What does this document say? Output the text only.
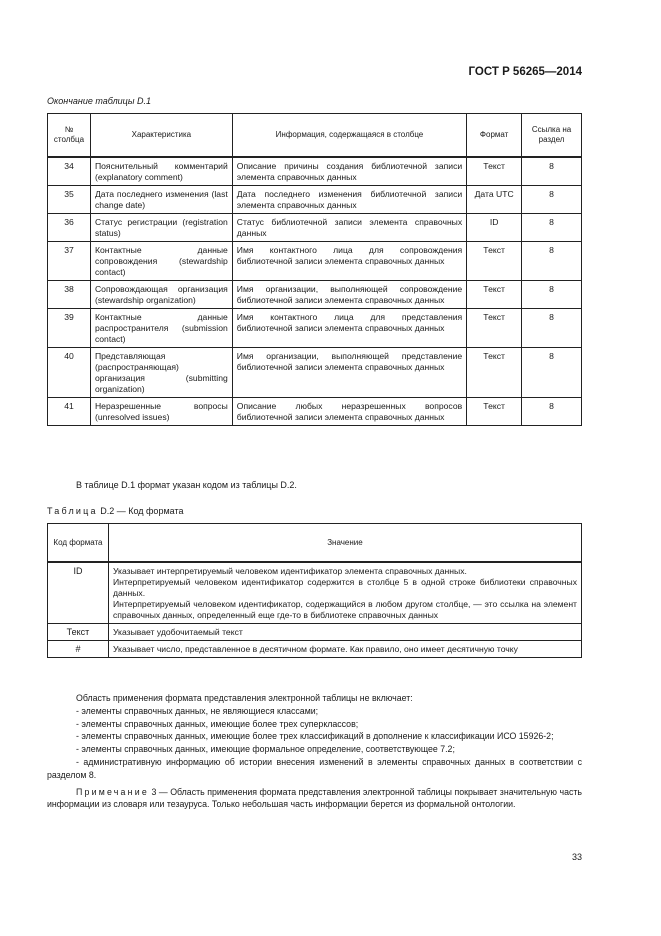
ГОСТ Р 56265—2014
Окончание таблицы D.1
№ столбца	Характеристика	Информация, содержащаяся в столбце	Формат	Ссылка на раздел
34	Пояснительный комментарий (explanatory comment)	Описание причины создания библиотечной записи элемента справочных данных	Текст	8
35	Дата последнего изменения (last change date)	Дата последнего изменения библиотечной записи элемента справочных данных	Дата UTC	8
36	Статус регистрации (registration status)	Статус библиотечной записи элемента справочных данных	ID	8
37	Контактные данные сопровождения (stewardship contact)	Имя контактного лица для сопровождения библиотечной записи элемента справочных данных	Текст	8
38	Сопровождающая организация (stewardship organization)	Имя организации, выполняющей сопровождение библиотечной записи элемента справочных данных	Текст	8
39	Контактные данные распространителя (submission contact)	Имя контактного лица для представления библиотечной записи элемента справочных данных	Текст	8
40	Представляющая (распространяющая) организация (submitting organization)	Имя организации, выполняющей представление библиотечной записи элемента справочных данных	Текст	8
41	Неразрешенные вопросы (unresolved issues)	Описание любых неразрешенных вопросов библиотечной записи элемента справочных данных	Текст	8
В таблице D.1 формат указан кодом из таблицы D.2.
Таблица D.2 — Код формата
Код формата	Значение
ID	Указывает интерпретируемый человеком идентификатор элемента справочных данных.
Интерпретируемый человеком идентификатор содержится в столбце 5 в одной строке библиотеки справочных данных.
Интерпретируемый человеком идентификатор, содержащийся в любом другом столбце, — это ссылка на элемент справочных данных, определенный еще где-то в библиотеке справочных данных

Текст	Указывает удобочитаемый текст

#	Указывает число, представленное в десятичном формате. Как правило, оно имеет десятичную точку

Область применения формата представления электронной таблицы не включает:

- элементы справочных данных, не являющиеся классами;

- элементы справочных данных, имеющие более трех суперклассов;

- элементы справочных данных, имеющие более трех классификаций в дополнение к классификации ИСО 15926-2;

- элементы справочных данных, имеющие формальное определение, соответствующее 7.2;

- административную информацию об истории внесения изменений в элементы справочных данных в соответствии с разделом 8.

Примечание 3 — Область применения формата представления электронной таблицы покрывает значительную часть информации из словаря или тезауруса. Только небольшая часть информации берется из формальной онтологии.

33
